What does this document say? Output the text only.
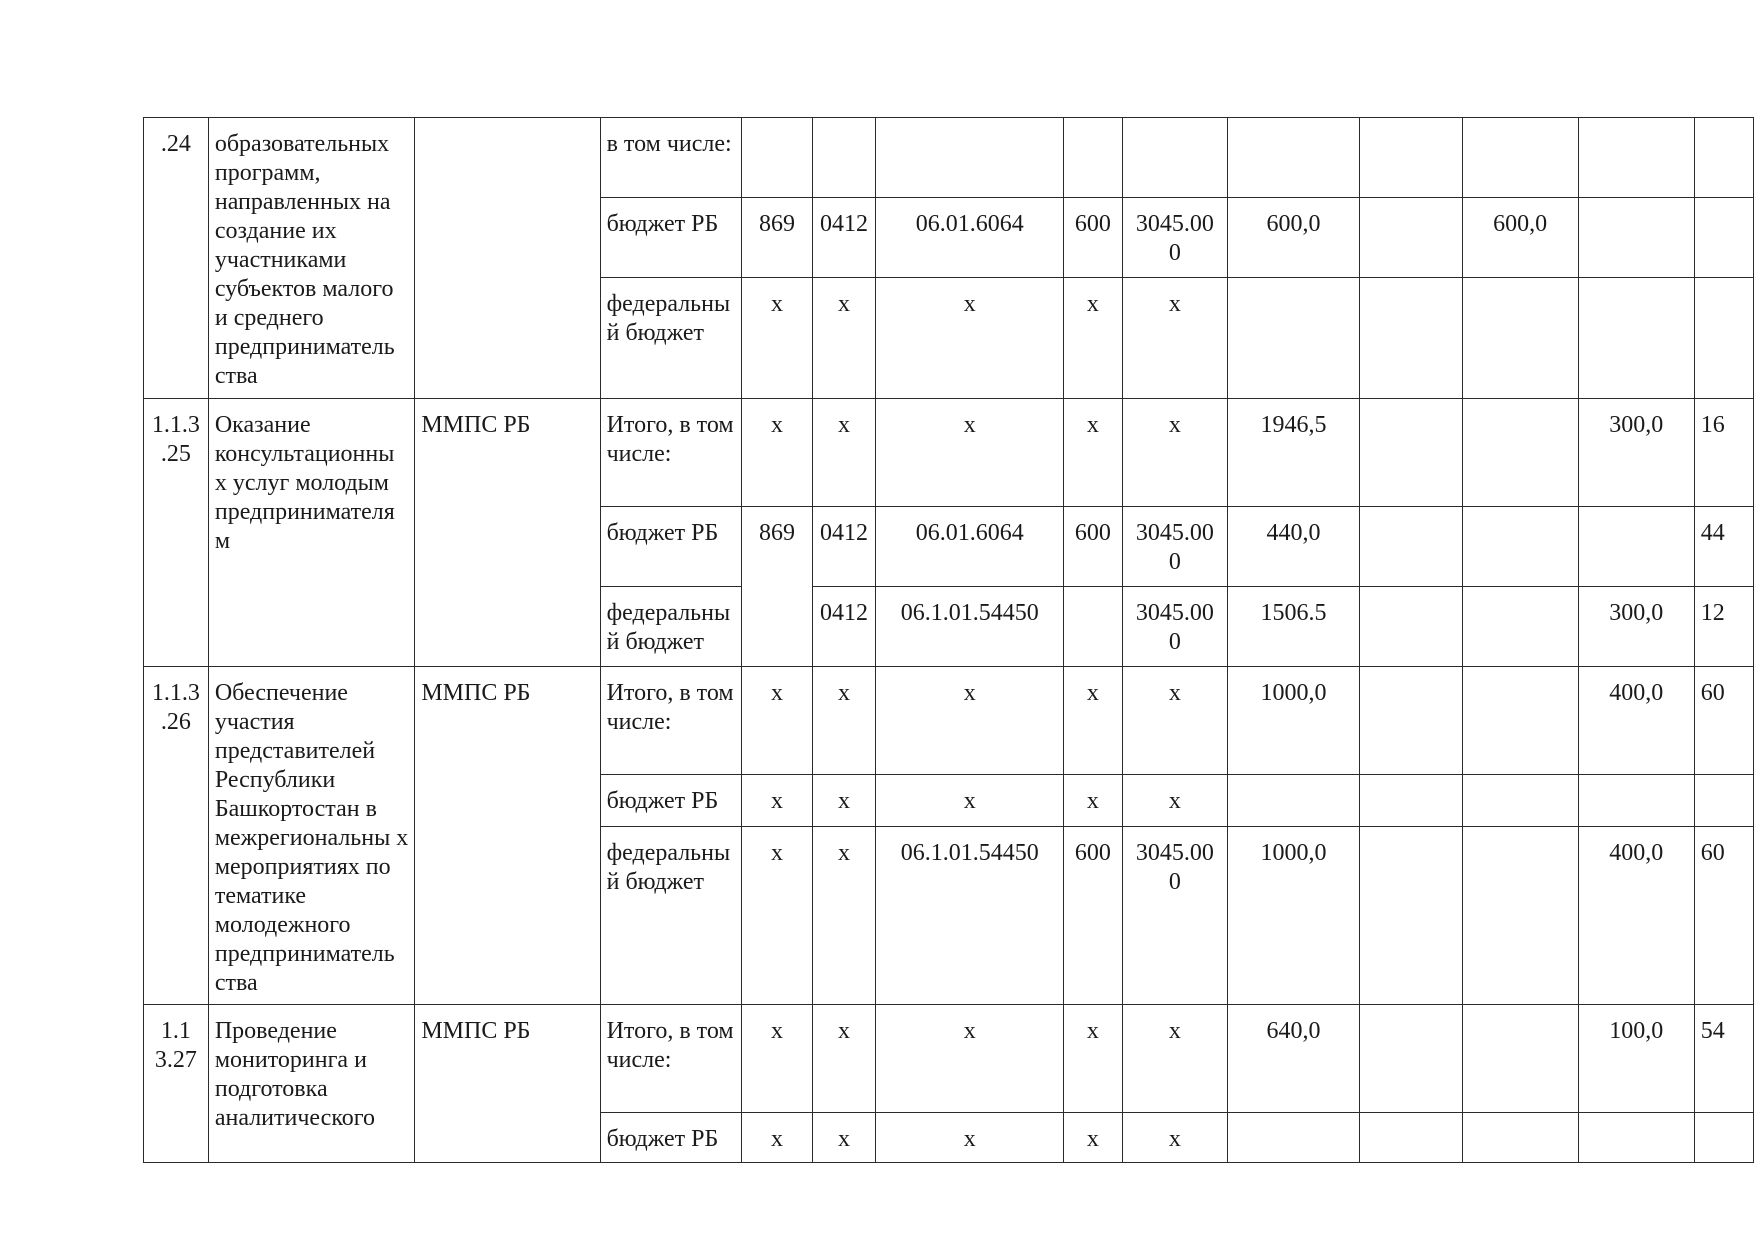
.24	образовательных программ, направленных на создание их участниками субъектов малого и среднего предприниматель ства		в том числе:										
			бюджет РБ	869	0412	06.01.6064	600	3045.00 0	600,0		600,0		
			федеральны й бюджет	х	х	х	х	х					
1.1.3 .25	Оказание консультационны х услуг молодым предпринимателя м	ММПС РБ	Итого, в том числе:	х	х	х	х	х	1946,5			300,0	16
			бюджет РБ	869	0412	06.01.6064	600	3045.00 0	440,0				44
			федеральны й бюджет		0412	06.1.01.54450		3045.00 0	1506.5			300,0	12
1.1.3 .26	Обеспечение участия представителей Республики Башкортостан в межрегиональны х мероприятиях по тематике молодежного предприниматель ства	ММПС РБ	Итого, в том числе:	х	х	х	х	х	1000,0			400,0	60
			бюджет РБ	х	х	х	х	х					
			федеральны й бюджет	х	х	06.1.01.54450	600	3045.00 0	1000,0			400,0	60
1.1 3.27	Проведение мониторинга и подготовка аналитического	ММПС РБ	Итого, в том числе:	х	х	х	х	х	640,0			100,0	54
			бюджет РБ	х	х	х	х	х					
